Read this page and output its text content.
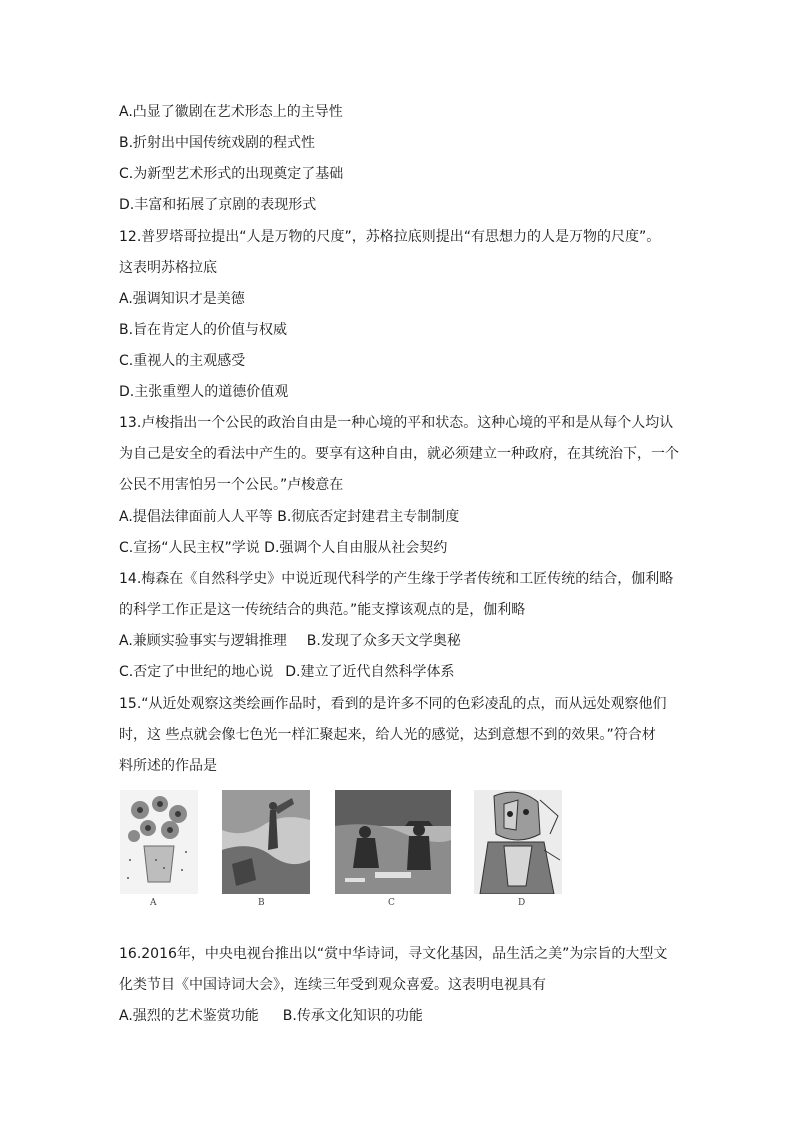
A.凸显了徽剧在艺术形态上的主导性
B.折射出中国传统戏剧的程式性
C.为新型艺术形式的出现奠定了基础
D.丰富和拓展了京剧的表现形式
12.普罗塔哥拉提出“人是万物的尺度”，苏格拉底则提出“有思想力的人是万物的尺度”。
这表明苏格拉底
A.强调知识才是美德
B.旨在肯定人的价值与权威
C.重视人的主观感受
D.主张重塑人的道德价值观
13.卢梭指出一个公民的政治自由是一种心境的平和状态。这种心境的平和是从每个人均认
为自己是安全的看法中产生的。要享有这种自由，就必须建立一种政府，在其统治下，一个
公民不用害怕另一个公民。”卢梭意在
A.提倡法律面前人人平等 B.彻底否定封建君主专制制度
C.宣扬“人民主权”学说 D.强调个人自由服从社会契约
14.梅森在《自然科学史》中说近现代科学的产生缘于学者传统和工匠传统的结合，伽利略
的科学工作正是这一传统结合的典范。”能支撑该观点的是，伽利略
A.兼顾实验事实与逻辑推理 B.发现了众多天文学奥秘
C.否定了中世纪的地心说 D.建立了近代自然科学体系
15.“从近处观察这类绘画作品时，看到的是许多不同的色彩凌乱的点，而从远处观察他们
时，这 些点就会像七色光一样汇聚起来，给人光的感觉，达到意想不到的效果。”符合材
料所述的作品是
A	B	C	D
16.2016年，中央电视台推出以“赏中华诗词，寻文化基因，品生活之美”为宗旨的大型文
化类节目《中国诗词大会》，连续三年受到观众喜爱。这表明电视具有
A.强烈的艺术鉴赏功能 B.传承文化知识的功能
